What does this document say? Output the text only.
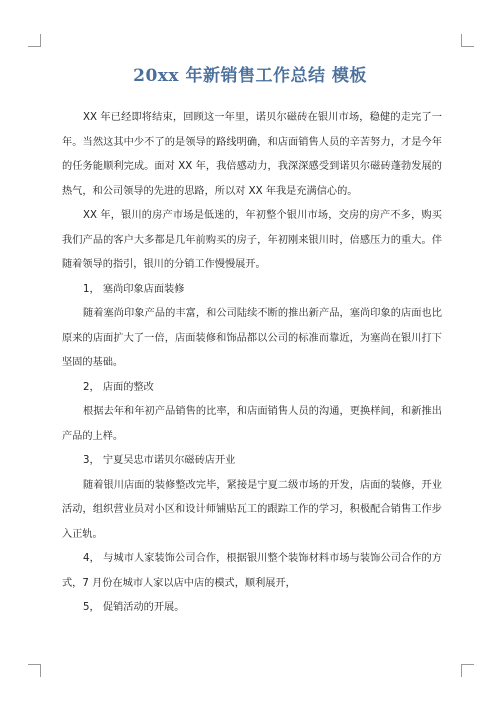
20xx 年新销售工作总结 模板

XX 年已经即将结束，回顾这一年里，诺贝尔磁砖在银川市场，稳健的走完了一年。当然这其中少不了的是领导的路线明确，和店面销售人员的辛苦努力，才是今年的任务能顺利完成。面对 XX 年，我倍感动力，我深深感受到诺贝尔磁砖蓬勃发展的热气，和公司领导的先进的思路，所以对 XX 年我是充满信心的。

XX 年，银川的房产市场是低迷的，年初整个银川市场，交房的房产不多，购买我们产品的客户大多都是几年前购买的房子，年初刚来银川时，倍感压力的重大。伴随着领导的指引，银川的分销工作慢慢展开。

1， 塞尚印象店面装修

随着塞尚印象产品的丰富，和公司陆续不断的推出新产品，塞尚印象的店面也比原来的店面扩大了一倍，店面装修和饰品都以公司的标准而靠近，为塞尚在银川打下坚固的基础。

2， 店面的整改

根据去年和年初产品销售的比率，和店面销售人员的沟通，更换样间，和新推出产品的上样。

3， 宁夏吴忠市诺贝尔磁砖店开业

随着银川店面的装修整改完毕，紧接是宁夏二级市场的开发，店面的装修，开业活动，组织营业员对小区和设计师铺贴瓦工的跟踪工作的学习，积极配合销售工作步入正轨。

4， 与城市人家装饰公司合作，根据银川整个装饰材料市场与装饰公司合作的方式，7 月份在城市人家以店中店的模式，顺利展开，

5， 促销活动的开展。
